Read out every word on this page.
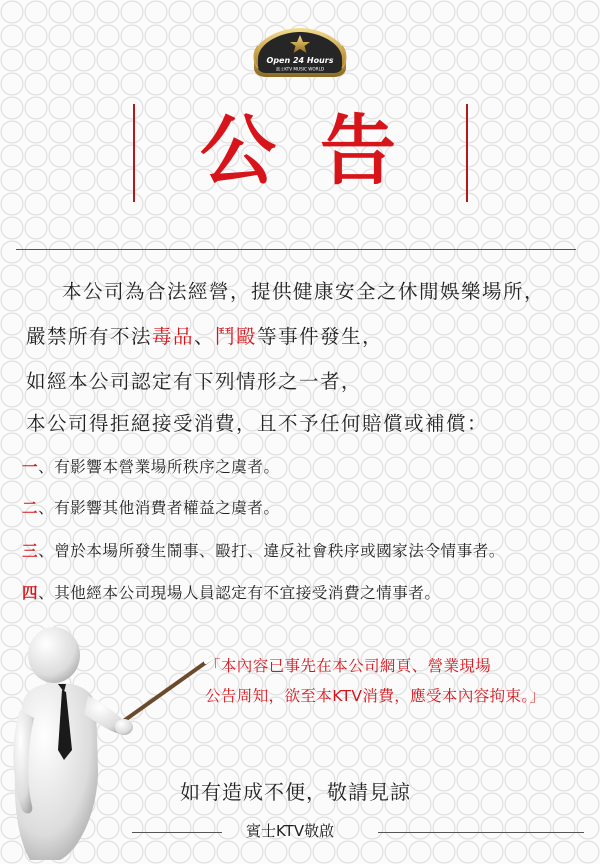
Open 24 Hours
賓士KTV MUSIC WORLD
公告
本公司為合法經營，提供健康安全之休閒娛樂場所，
嚴禁所有不法毒品、鬥毆等事件發生，
如經本公司認定有下列情形之一者，
本公司得拒絕接受消費，且不予任何賠償或補償：
一、有影響本營業場所秩序之虞者。
二、有影響其他消費者權益之虞者。
三、曾於本場所發生鬧事、毆打、違反社會秩序或國家法令情事者。
四、其他經本公司現場人員認定有不宜接受消費之情事者。
「本內容已事先在本公司網頁、營業現場
公告周知，欲至本KTV消費，應受本內容拘束。」
如有造成不便，敬請見諒
賓士KTV敬啟
